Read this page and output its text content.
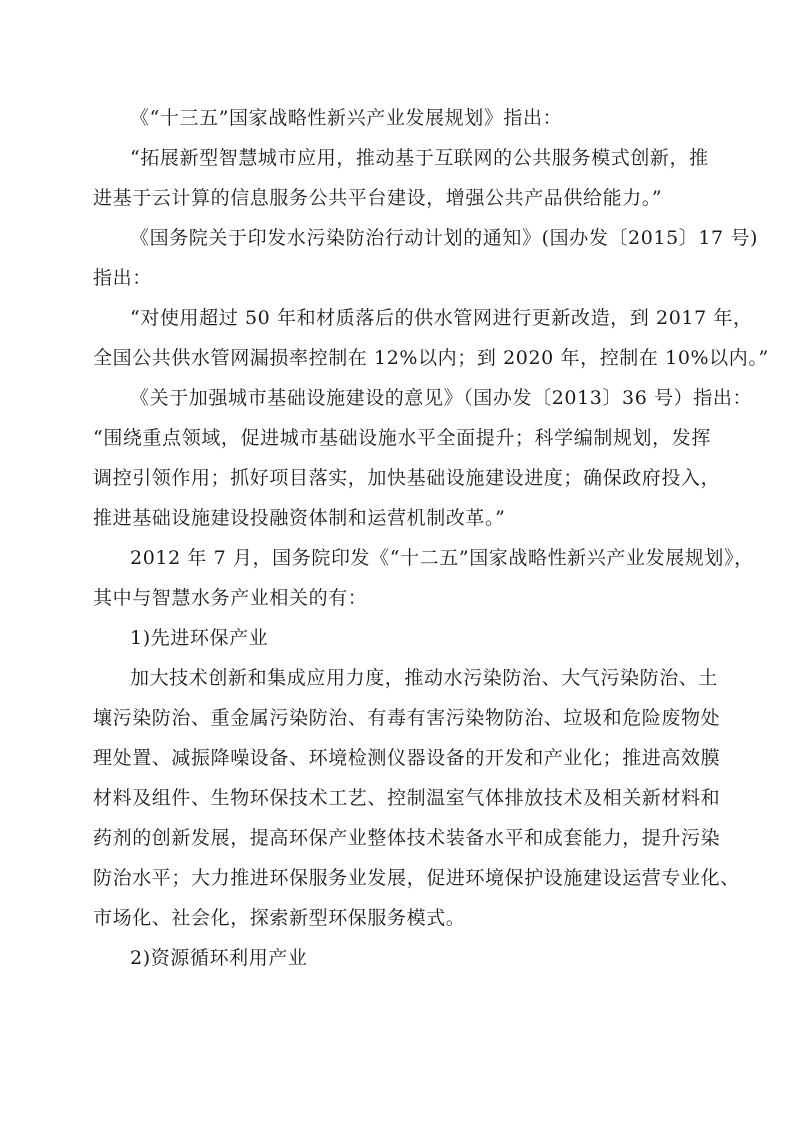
《“十三五”国家战略性新兴产业发展规划》指出：
“拓展新型智慧城市应用，推动基于互联网的公共服务模式创新，推
进基于云计算的信息服务公共平台建设，增强公共产品供给能力。”
《国务院关于印发水污染防治行动计划的通知》(国办发〔2015〕17 号)
指出：
“对使用超过 50 年和材质落后的供水管网进行更新改造，到 2017 年，
全国公共供水管网漏损率控制在 12%以内；到 2020 年，控制在 10%以内。”
《关于加强城市基础设施建设的意见》（国办发〔2013〕36 号）指出：
“围绕重点领域，促进城市基础设施水平全面提升；科学编制规划，发挥
调控引领作用；抓好项目落实，加快基础设施建设进度；确保政府投入，
推进基础设施建设投融资体制和运营机制改革。”
2012 年 7 月，国务院印发《“十二五”国家战略性新兴产业发展规划》，
其中与智慧水务产业相关的有：
1)先进环保产业
加大技术创新和集成应用力度，推动水污染防治、大气污染防治、土
壤污染防治、重金属污染防治、有毒有害污染物防治、垃圾和危险废物处
理处置、减振降噪设备、环境检测仪器设备的开发和产业化；推进高效膜
材料及组件、生物环保技术工艺、控制温室气体排放技术及相关新材料和
药剂的创新发展，提高环保产业整体技术装备水平和成套能力，提升污染
防治水平；大力推进环保服务业发展，促进环境保护设施建设运营专业化、
市场化、社会化，探索新型环保服务模式。
2)资源循环利用产业
